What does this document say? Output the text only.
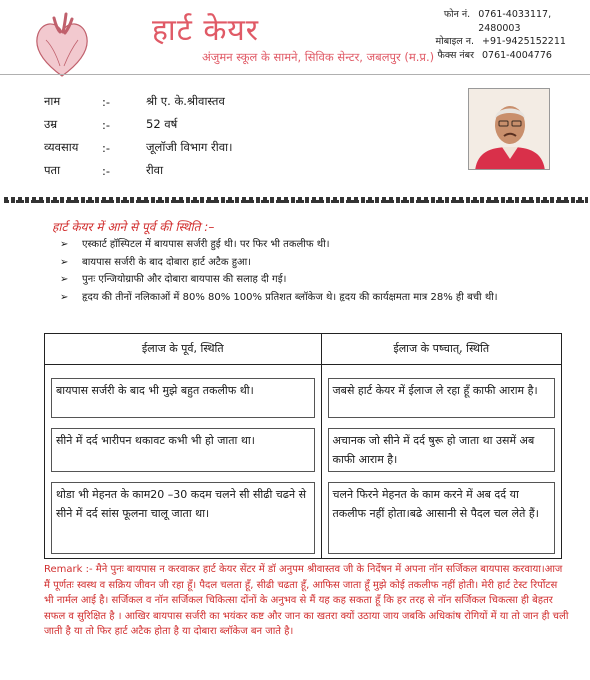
हार्ट केयर
अंजुमन स्कूल के सामने, सिविक सेन्टर, जबलपुर (म.प्र.)
फोन नं. 0761-4033117, 2480003
मोबाइल न. +91-9425152211
फैक्स नंबर 0761-4004776
नाम	:-	श्री ए. के.श्रीवास्तव
उम्र	:-	52 वर्ष
व्यवसाय	:-	जूलॉजी विभाग रीवा।
पता	:-	रीवा
हार्ट केयर में आने से पूर्व की स्थिति :–
➢ एस्कार्ट हॉस्पिटल में बायपास सर्जरी हुई थी। पर फिर भी तकलीफ थी।
➢ बायपास सर्जरी के बाद दोबारा हार्ट अटैक हुआ।
➢ पुनः एन्जियोग्राफी और दोबारा बायपास की सलाह दी गई।
➢ हृदय की तीनों नलिकाओं में 80% 80% 100% प्रतिशत ब्लॉकेज थे। हृदय की कार्यक्षमता मात्र 28% ही बची थी।
ईलाज के पूर्व, स्थिति	ईलाज के पष्चात्, स्थिति

बायपास सर्जरी के बाद भी मुझे बहुत तकलीफ थी।	जबसे हार्ट केयर में ईलाज ले रहा हूँ काफी आराम है।

सीने में दर्द भारीपन थकावट कभी भी हो जाता था।	अचानक जो सीने में दर्द षुरू हो जाता था उसमें अब काफी आराम है।

थोडा भी मेहनत के काम20 –30 कदम चलने सी सीढी चढने से सीने में दर्द सांस फूलना चालू जाता था।	चलने फिरने मेहनत के काम करने में अब दर्द या तकलीफ नहीं होता।बढे आसानी से पैदल चल लेते हैं।
Remark :- मैने पुनः बायपास न करवाकर हार्ट केयर सेंटर में डॉ अनुपम श्रीवास्तव जी के निर्देषन में अपना नॉन सर्जिकल बायपास करवाया।आज मैं पूर्णतः स्वस्थ व सक्रिय जीवन जी रहा हूँ। पैदल चलता हूँ, सीढी चढता हूँ, आफिस जाता हूँ मुझे कोई तकलीफ नहीं होती। मेरी हार्ट टेस्ट रिर्पोटस भी नार्मल आई है। सर्जिकल व नॉन सर्जिकल चिकित्सा दोंनों के अनुभव से मैं यह कह सकता हूँ कि हर तरह से नॉन सर्जिकल चिकत्सा ही बेहतर सफल व सुरिक्षित है । आखिर बायपास सर्जरी का भयंकर कष्ट और जान का खतरा क्यों उठाया जाय जबकि अधिकांष रोगियों में या तो जान ही चली जाती है या तो फिर हार्ट अटैक होता है या दोबारा ब्लॉकेज बन जाते है।
